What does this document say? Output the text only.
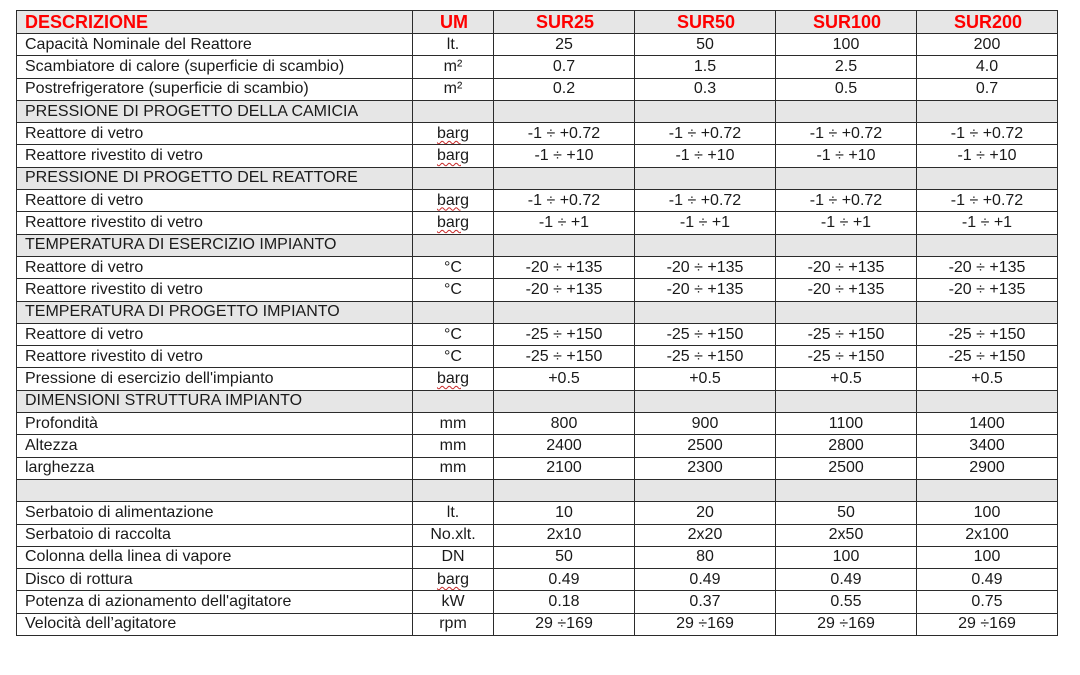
DESCRIZIONE	UM	SUR25	SUR50	SUR100	SUR200
Capacità Nominale del Reattore	lt.	25	50	100	200
Scambiatore di calore (superficie di scambio)	m²	0.7	1.5	2.5	4.0
Postrefrigeratore (superficie di scambio)	m²	0.2	0.3	0.5	0.7
PRESSIONE DI PROGETTO DELLA CAMICIA					
Reattore di vetro	barg	-1 ÷ +0.72	-1 ÷ +0.72	-1 ÷ +0.72	-1 ÷ +0.72
Reattore rivestito di vetro	barg	-1 ÷ +10	-1 ÷ +10	-1 ÷ +10	-1 ÷ +10
PRESSIONE DI PROGETTO DEL REATTORE					
Reattore di vetro	barg	-1 ÷ +0.72	-1 ÷ +0.72	-1 ÷ +0.72	-1 ÷ +0.72
Reattore rivestito di vetro	barg	-1 ÷ +1	-1 ÷ +1	-1 ÷ +1	-1 ÷ +1
TEMPERATURA DI ESERCIZIO IMPIANTO					
Reattore di vetro	°C	-20 ÷ +135	-20 ÷ +135	-20 ÷ +135	-20 ÷ +135
Reattore rivestito di vetro	°C	-20 ÷ +135	-20 ÷ +135	-20 ÷ +135	-20 ÷ +135
TEMPERATURA DI PROGETTO IMPIANTO					
Reattore di vetro	°C	-25 ÷ +150	-25 ÷ +150	-25 ÷ +150	-25 ÷ +150
Reattore rivestito di vetro	°C	-25 ÷ +150	-25 ÷ +150	-25 ÷ +150	-25 ÷ +150
Pressione di esercizio dell'impianto	barg	+0.5	+0.5	+0.5	+0.5
DIMENSIONI STRUTTURA IMPIANTO					
Profondità	mm	800	900	1100	1400
Altezza	mm	2400	2500	2800	3400
larghezza	mm	2100	2300	2500	2900

Serbatoio di alimentazione	lt.	10	20	50	100
Serbatoio di raccolta	No.xlt.	2x10	2x20	2x50	2x100
Colonna della linea di vapore	DN	50	80	100	100
Disco di rottura	barg	0.49	0.49	0.49	0.49
Potenza di azionamento dell'agitatore	kW	0.18	0.37	0.55	0.75
Velocità dell’agitatore	rpm	29 ÷169	29 ÷169	29 ÷169	29 ÷169
